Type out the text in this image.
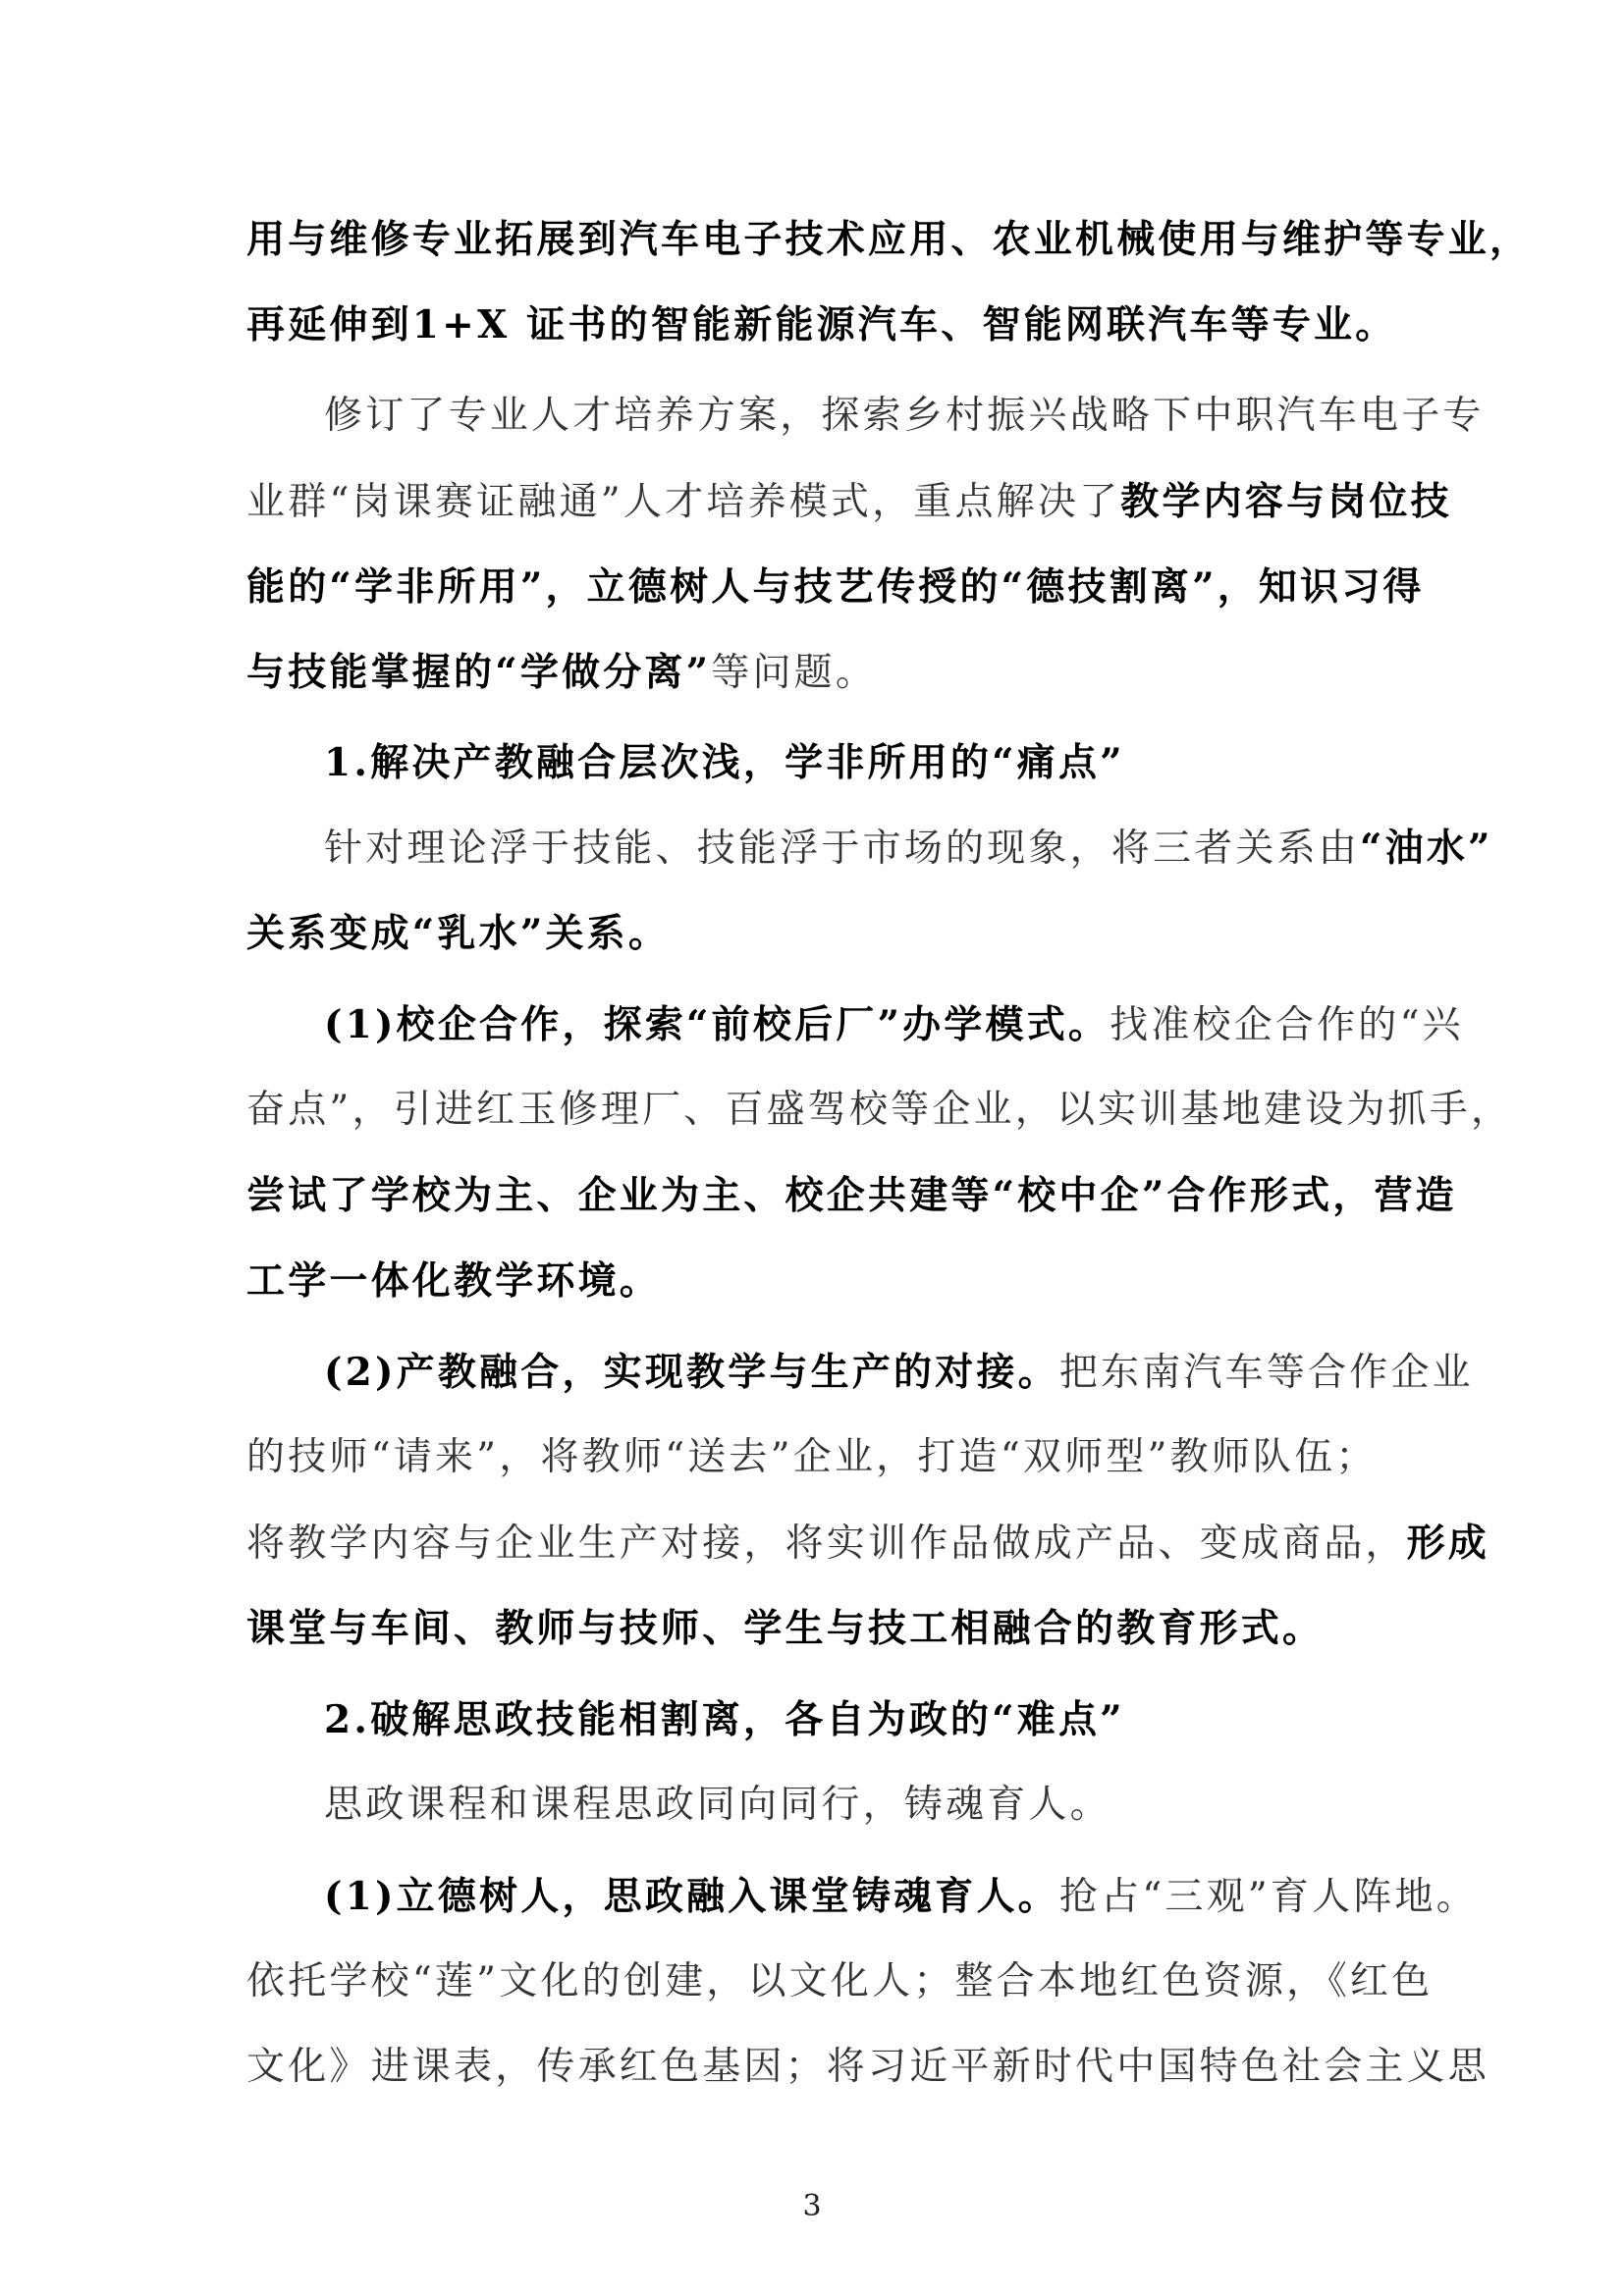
用与维修专业拓展到汽车电子技术应用、农业机械使用与维护等专业，
再延伸到1+X 证书的智能新能源汽车、智能网联汽车等专业。
修订了专业人才培养方案，探索乡村振兴战略下中职汽车电子专
业群“岗课赛证融通”人才培养模式，重点解决了教学内容与岗位技
能的“学非所用”，立德树人与技艺传授的“德技割离”，知识习得
与技能掌握的“学做分离”等问题。
1.解决产教融合层次浅，学非所用的“痛点”
针对理论浮于技能、技能浮于市场的现象，将三者关系由“油水”
关系变成“乳水”关系。
(1)校企合作，探索“前校后厂”办学模式。找准校企合作的“兴
奋点”，引进红玉修理厂、百盛驾校等企业，以实训基地建设为抓手，
尝试了学校为主、企业为主、校企共建等“校中企”合作形式，营造
工学一体化教学环境。
(2)产教融合，实现教学与生产的对接。把东南汽车等合作企业
的技师“请来”，将教师“送去”企业，打造“双师型”教师队伍；
将教学内容与企业生产对接，将实训作品做成产品、变成商品，形成
课堂与车间、教师与技师、学生与技工相融合的教育形式。
2.破解思政技能相割离，各自为政的“难点”
思政课程和课程思政同向同行，铸魂育人。
(1)立德树人，思政融入课堂铸魂育人。抢占“三观”育人阵地。
依托学校“莲”文化的创建，以文化人；整合本地红色资源，《红色
文化》进课表，传承红色基因；将习近平新时代中国特色社会主义思
3
